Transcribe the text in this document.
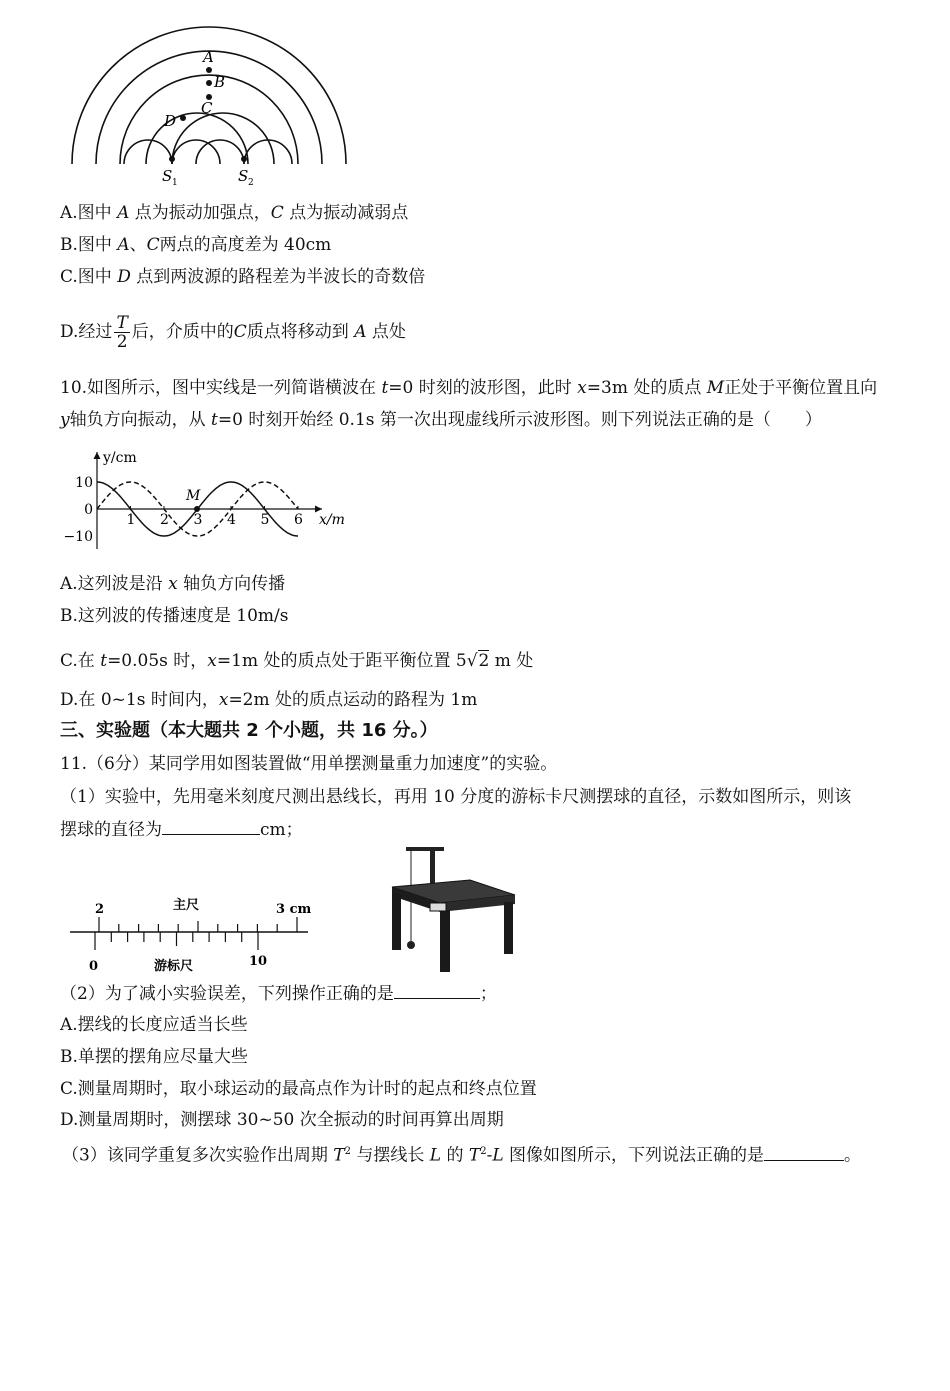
A
B
C
D
S	S
1	2
A.图中 A 点为振动加强点，C 点为振动减弱点
B.图中 A、C两点的高度差为 40cm
C.图中 D 点到两波源的路程差为半波长的奇数倍
D.经过 $\frac{T}{2}$ 后，介质中的C质点将移动到 A 点处
10.如图所示，图中实线是一列简谐横波在 t=0 时刻的波形图，此时 x=3m 处的质点 M正处于平衡位置且向
y轴负方向振动，从 t=0 时刻开始经 0.1s 第一次出现虚线所示波形图。则下列说法正确的是（　　）
1 2 3 4 5 6
10
0
−10
y/cm
x/m
M
A.这列波是沿 x 轴负方向传播
B.这列波的传播速度是 10m/s
C.在 t=0.05s 时，x=1m 处的质点处于距平衡位置 5√2 m 处
D.在 0~1s 时间内，x=2m 处的质点运动的路程为 1m
三、实验题（本大题共 2 个小题，共 16 分。）
11.（6分）某同学用如图装置做“用单摆测量重力加速度”的实验。
（1）实验中，先用毫米刻度尺测出悬线长，再用 10 分度的游标卡尺测摆球的直径，示数如图所示，则该
摆球的直径为	cm；
2	主尺	3 cm
0	游标尺	10
（2）为了减小实验误差，下列操作正确的是	；
A.摆线的长度应适当长些
B.单摆的摆角应尽量大些
C.测量周期时，取小球运动的最高点作为计时的起点和终点位置
D.测量周期时，测摆球 30~50 次全振动的时间再算出周期
（3）该同学重复多次实验作出周期 $T^2$ 与摆线长 L 的 $T^2-L$ 图像如图所示，下列说法正确的是	。
